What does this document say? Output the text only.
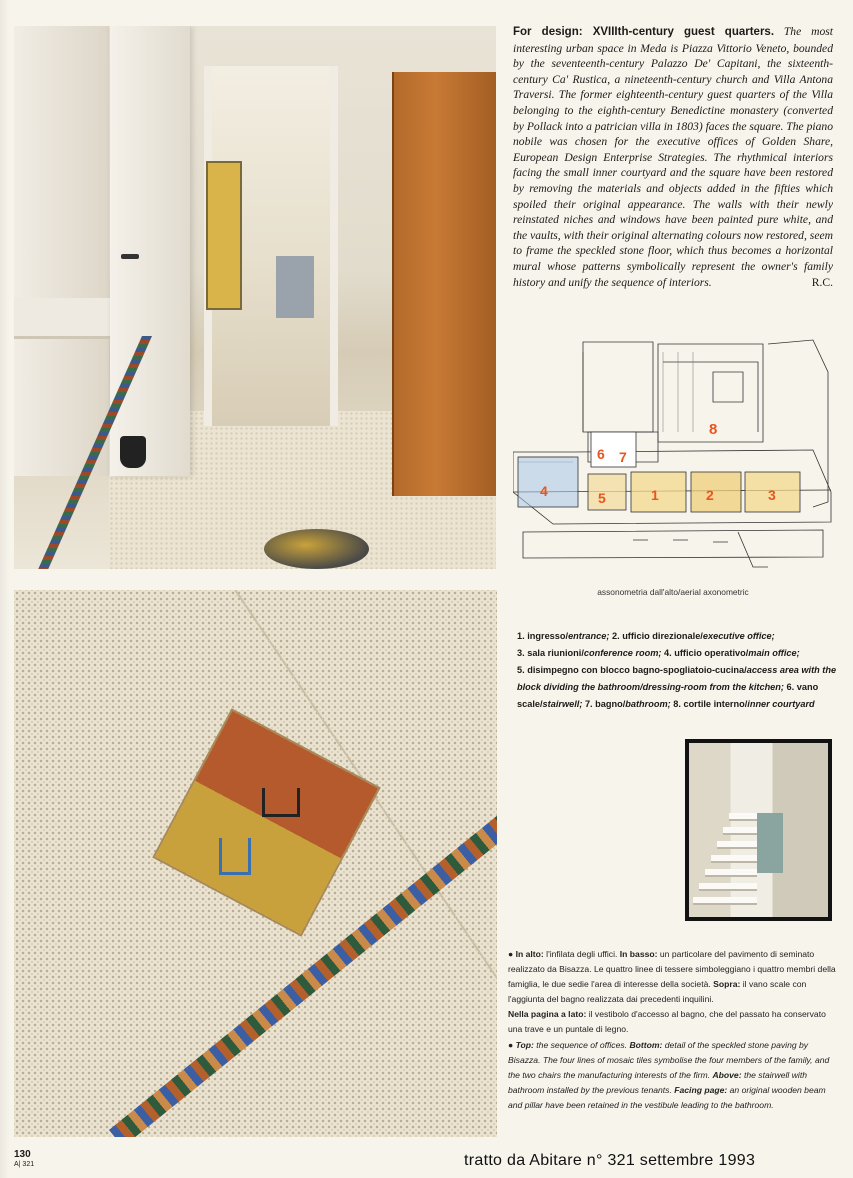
For design: XVIIIth-century guest quarters. The most interesting urban space in Meda is Piazza Vittorio Veneto, bounded by the seventeenth-century Palazzo De' Capitani, the sixteenth-century Ca' Rustica, a nineteenth-century church and Villa Antona Traversi. The former eighteenth-century guest quarters of the Villa belonging to the eighth-century Benedictine monastery (converted by Pollack into a patrician villa in 1803) faces the square. The piano nobile was chosen for the executive offices of Golden Share, European Design Enterprise Strategies. The rhythmical interiors facing the small inner courtyard and the square have been restored by removing the materials and objects added in the fifties which spoiled their original appearance. The walls with their newly reinstated niches and windows have been painted pure white, and the vaults, with their original alternating colours now restored, seem to frame the speckled stone floor, which thus becomes a horizontal mural whose patterns symbolically represent the owner's family history and unify the sequence of interiors.	R.C.
8
6 7
4	5	1	2	3
assonometria dall'alto/aerial axonometric
1. ingresso/entrance; 2. ufficio direzionale/executive office;
3. sala riunioni/conference room; 4. ufficio operativo/main office;
5. disimpegno con blocco bagno-spogliatoio-cucina/access area with the block dividing the bathroom/dressing-room from the kitchen; 6. vano scale/stairwell; 7. bagno/bathroom; 8. cortile interno/inner courtyard

● In alto: l'infilata degli uffici. In basso: un particolare del pavimento di seminato realizzato da Bisazza. Le quattro linee di tessere simboleggiano i quattro membri della famiglia, le due sedie l'area di interesse della società. Sopra: il vano scale con l'aggiunta del bagno realizzata dai precedenti inquilini.
Nella pagina a lato: il vestibolo d'accesso al bagno, che del passato ha conservato una trave e un puntale di legno.

● Top: the sequence of offices. Bottom: detail of the speckled stone paving by Bisazza. The four lines of mosaic tiles symbolise the four members of the family, and the two chairs the manufacturing interests of the firm. Above: the stairwell with bathroom installed by the previous tenants. Facing page: an original wooden beam and pillar have been retained in the vestibule leading to the bathroom.

130
A| 321	tratto da Abitare n° 321 settembre 1993
